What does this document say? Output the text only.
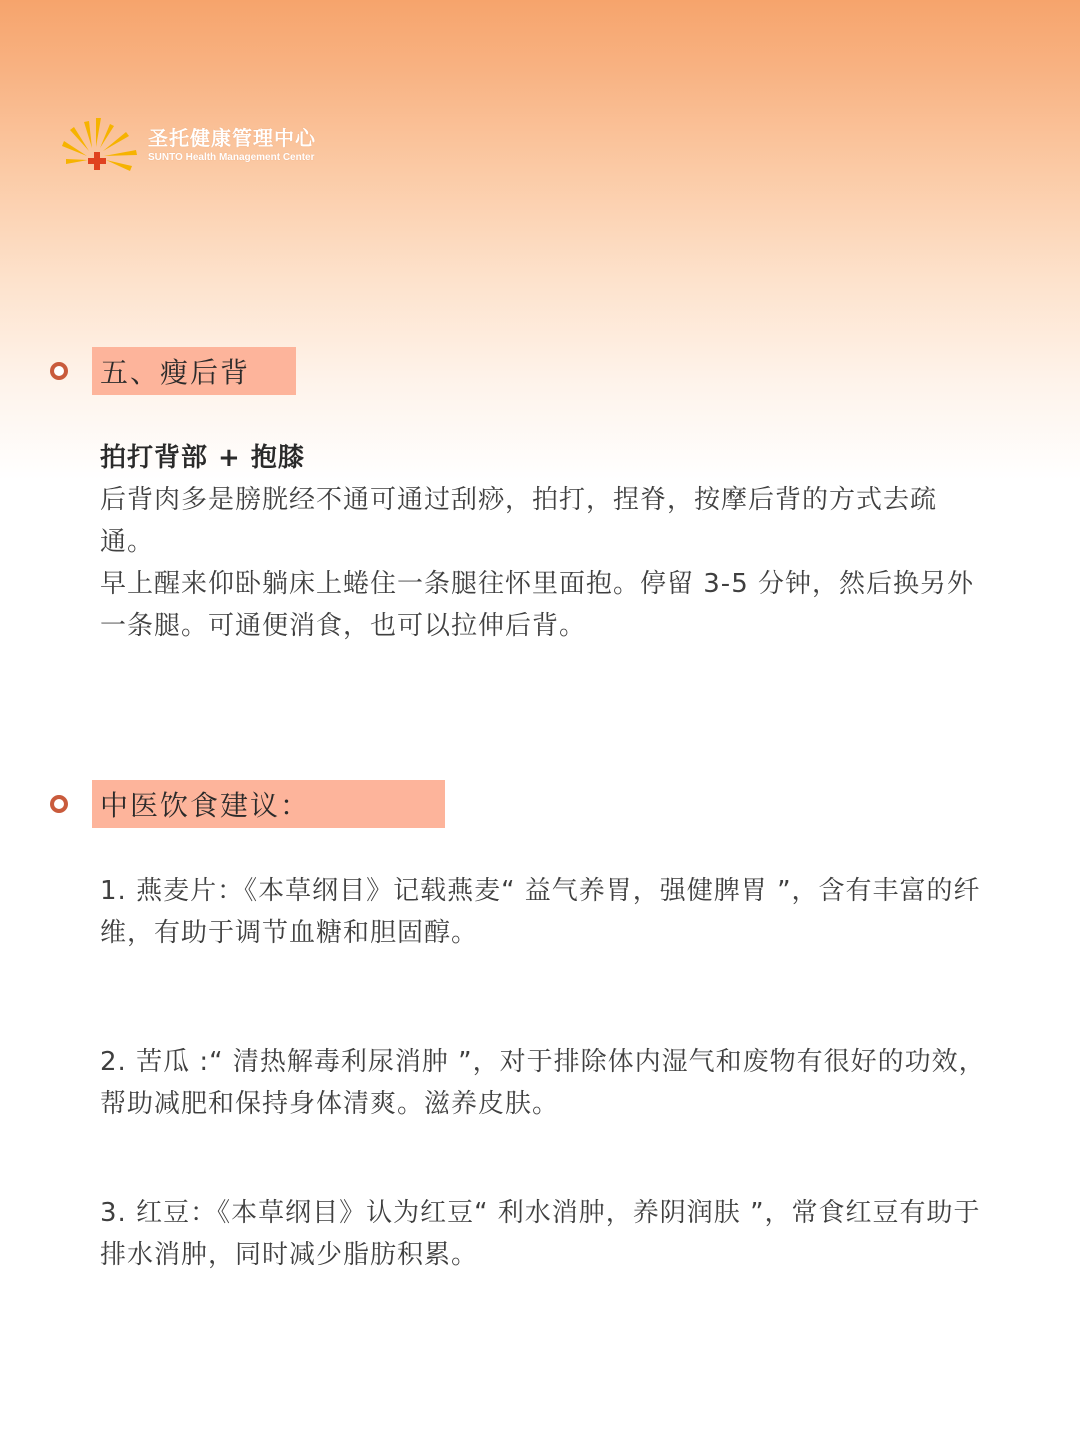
圣托健康管理中心
SUNTO Health Management Center
五、瘦后背
拍打背部 + 抱膝
后背肉多是膀胱经不通可通过刮痧，拍打，捏脊，按摩后背的方式去疏通。
早上醒来仰卧躺床上蜷住一条腿往怀里面抱。停留 3-5 分钟，然后换另外一条腿。可通便消食，也可以拉伸后背。
中医饮食建议：

1. 燕麦片：《本草纲目》记载燕麦“ 益气养胃，强健脾胃 ”，含有丰富的纤维，有助于调节血糖和胆固醇。

2. 苦瓜 :“ 清热解毒利尿消肿 ”，对于排除体内湿气和废物有很好的功效，帮助减肥和保持身体清爽。滋养皮肤。

3. 红豆：《本草纲目》认为红豆“ 利水消肿，养阴润肤 ”，常食红豆有助于排水消肿，同时减少脂肪积累。
